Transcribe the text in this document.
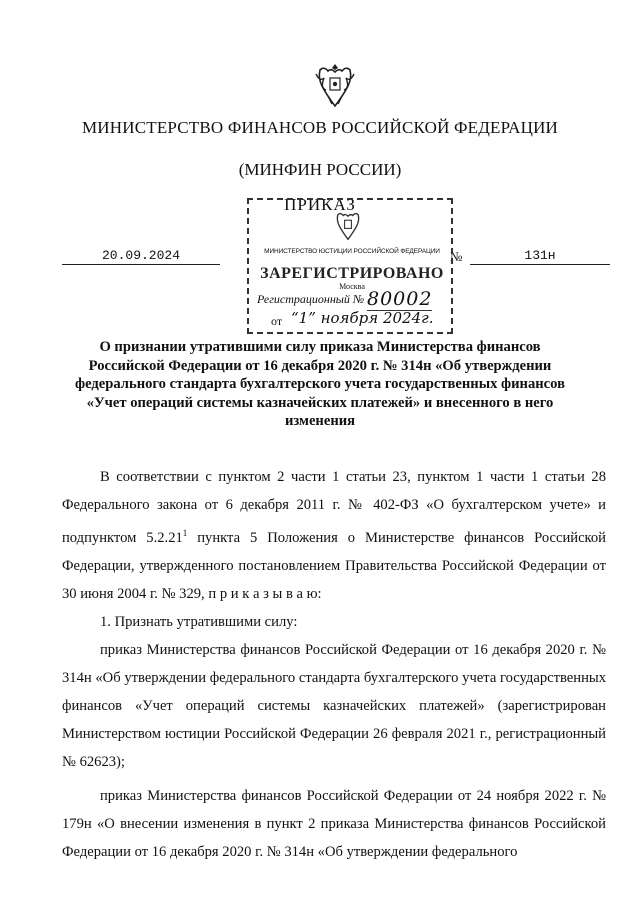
МИНИСТЕРСТВО ФИНАНСОВ РОССИЙСКОЙ ФЕДЕРАЦИИ
(МИНФИН РОССИИ)
ПРИКАЗ
20.09.2024	№	131н
МИНИСТЕРСТВО ЮСТИЦИИ РОССИЙСКОЙ ФЕДЕРАЦИИ
ЗАРЕГИСТРИРОВАНО
Москва
Регистрационный № 80002
от “1” ноября 2024г.
О признании утратившими силу приказа Министерства финансов Российской Федерации от 16 декабря 2020 г. № 314н «Об утверждении федерального стандарта бухгалтерского учета государственных финансов «Учет операций системы казначейских платежей» и внесенного в него изменения

В соответствии с пунктом 2 части 1 статьи 23, пунктом 1 части 1 статьи 28 Федерального закона от 6 декабря 2011 г. № 402-ФЗ «О бухгалтерском учете» и подпунктом 5.2.21$^1$ пункта 5 Положения о Министерстве финансов Российской Федерации, утвержденного постановлением Правительства Российской Федерации от 30 июня 2004 г. № 329, п р и к а з ы в а ю:

1. Признать утратившими силу:

приказ Министерства финансов Российской Федерации от 16 декабря 2020 г. № 314н «Об утверждении федерального стандарта бухгалтерского учета государственных финансов «Учет операций системы казначейских платежей» (зарегистрирован Министерством юстиции Российской Федерации 26 февраля 2021 г., регистрационный № 62623);

приказ Министерства финансов Российской Федерации от 24 ноября 2022 г. № 179н «О внесении изменения в пункт 2 приказа Министерства финансов Российской Федерации от 16 декабря 2020 г. № 314н «Об утверждении федерального
